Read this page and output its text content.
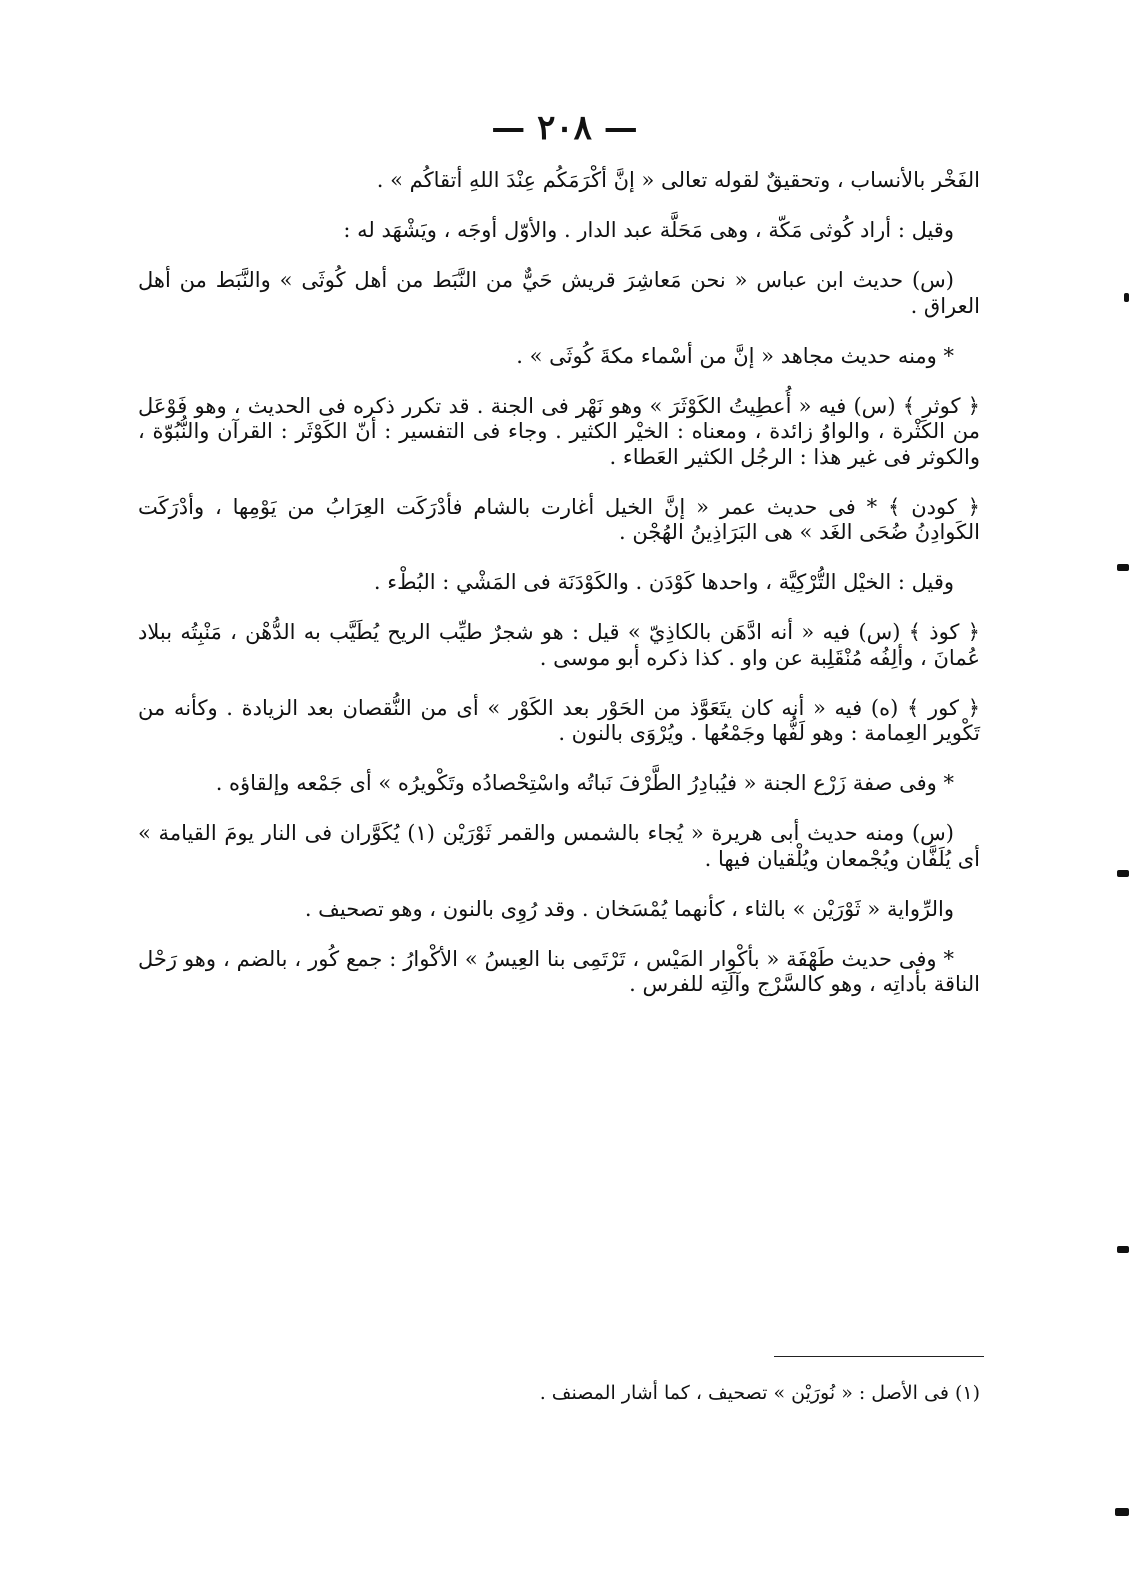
— ٢٠٨ —

الفَخْر بالأنساب ، وتحقيقٌ لقوله تعالى « إنَّ أكْرَمَكُم عِنْدَ اللهِ أتقاكُم » .

وقيل : أراد كُوثى مَكّة ، وهى مَحَلَّة عبد الدار . والأوّل أوجَه ، ويَشْهَد له :

(س) حديث ابن عباس « نحن مَعاشِرَ قريش حَيٌّ من النَّبَط من أهل كُوثَى » والنَّبَط من أهل العراق .

* ومنه حديث مجاهد « إنَّ من أسْماء مكةَ كُوثَى » .

﴿ كوثر ﴾ (س) فيه « أُعطِيتُ الكَوْثَرَ » وهو نَهْر فى الجنة . قد تكرر ذكره فى الحديث ، وهو فَوْعَل من الكَثْرة ، والواوُ زائدة ، ومعناه : الخيْر الكثير . وجاء فى التفسير : أنّ الكَوْثَر : القرآن والنُّبُوّة ، والكوثر فى غير هذا : الرجُل الكثير العَطاء .

﴿ كودن ﴾ * فى حديث عمر « إنَّ الخيل أغارت بالشام فأدْرَكَت العِرَابُ من يَوْمِها ، وأدْرَكَت الكَوادِنُ ضُحَى الغَد » هى البَرَاذِينُ الهُجْن .

وقيل : الخيْل التُّرْكِيَّة ، واحدها كَوْدَن . والكَوْدَنَة فى المَشْي : البُطْء .

﴿ كوذ ﴾ (س) فيه « أنه ادَّهَن بالكاذِيّ » قيل : هو شجرٌ طيِّب الريح يُطَيَّب به الدُّهْن ، مَنْبِتُه ببلاد عُمانَ ، وألِفُه مُنْقَلِبة عن واو . كذا ذكره أبو موسى .

﴿ كور ﴾ (ه) فيه « أنه كان يتَعَوَّذ من الحَوْر بعد الكَوْر » أى من النُّقصان بعد الزيادة . وكأنه من تَكْوير العِمامة : وهو لَفُّها وجَمْعُها . ويُرْوَى بالنون .

* وفى صفة زَرْع الجنة « فيُبادِرُ الطَّرْفَ نَباتُه واسْتِحْصادُه وتَكْويرُه » أى جَمْعه وإلقاؤه .

(س) ومنه حديث أبى هريرة « يُجاء بالشمس والقمر ثَوْرَيْن (١) يُكَوَّران فى النار يومَ القيامة » أى يُلَفَّان ويُجْمعان ويُلْقيان فيها .

والرِّواية « ثَوْرَيْن » بالثاء ، كأنهما يُمْسَخان . وقد رُوِى بالنون ، وهو تصحيف .

* وفى حديث طَهْفَة « بأكْوار المَيْس ، تَرْتَمِى بنا العِيسُ » الأكْوارُ : جمع كُور ، بالضم ، وهو رَحْل الناقة بأداتِه ، وهو كالسَّرْج وآلَتِه للفرس .

(١) فى الأصل : « نُورَيْن » تصحيف ، كما أشار المصنف .
